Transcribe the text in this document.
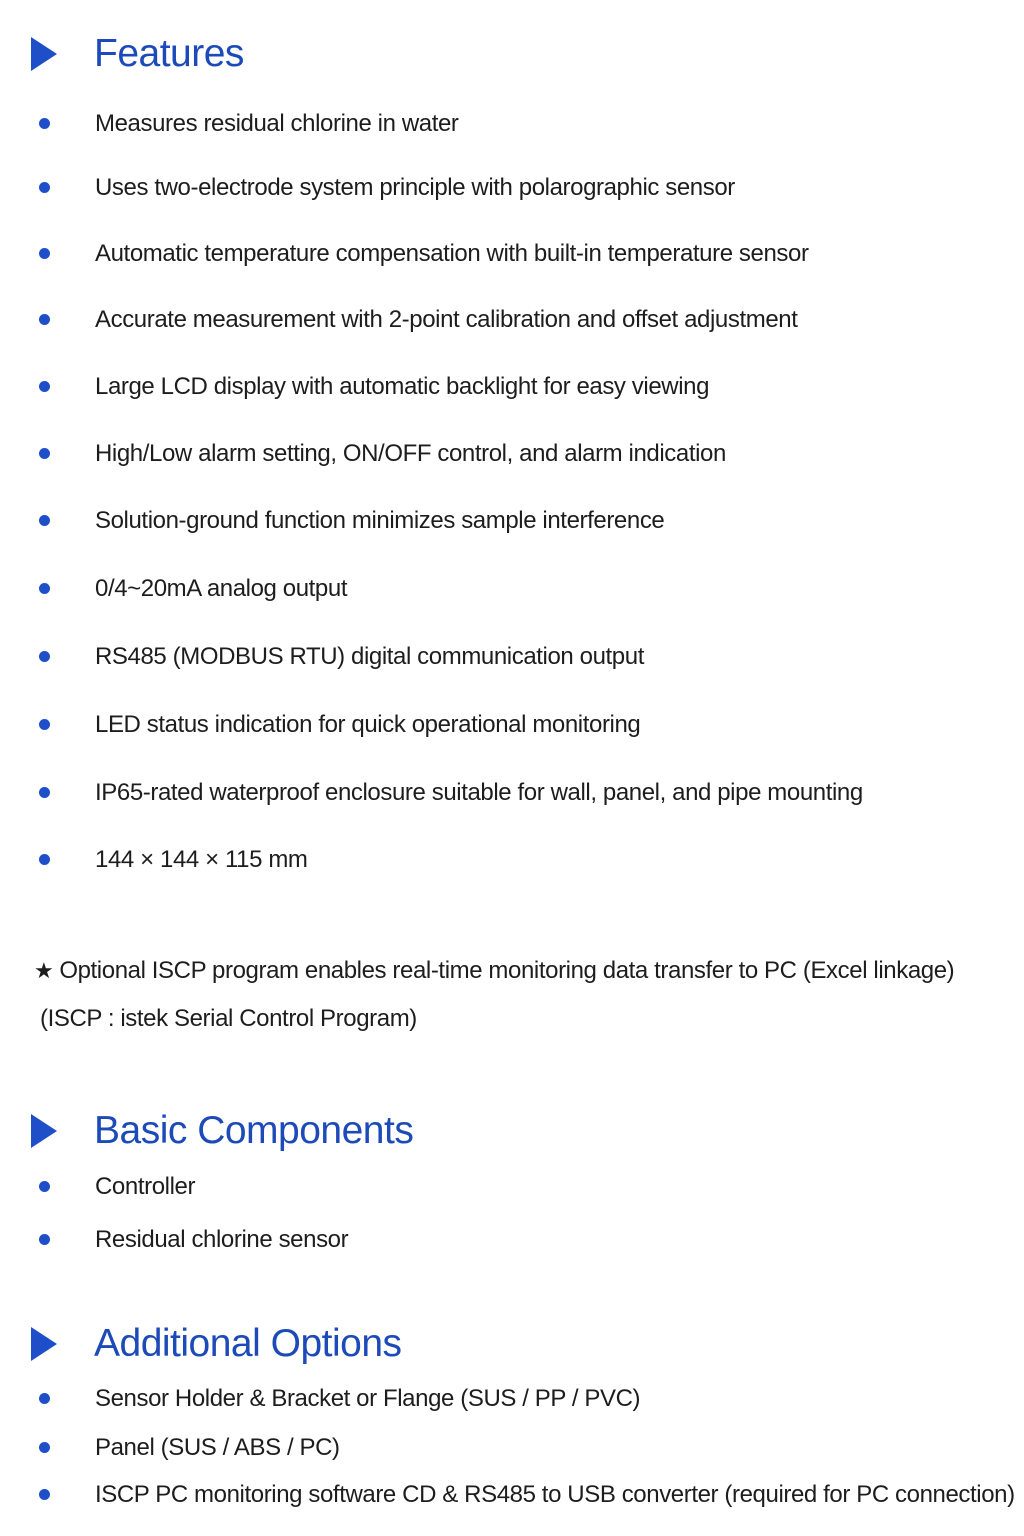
Features
Measures residual chlorine in water
Uses two-electrode system principle with polarographic sensor
Automatic temperature compensation with built-in temperature sensor
Accurate measurement with 2-point calibration and offset adjustment
Large LCD display with automatic backlight for easy viewing
High/Low alarm setting, ON/OFF control, and alarm indication
Solution-ground function minimizes sample interference
0/4~20mA analog output
RS485 (MODBUS RTU) digital communication output
LED status indication for quick operational monitoring
IP65-rated waterproof enclosure suitable for wall, panel, and pipe mounting
144 × 144 × 115 mm
★ Optional ISCP program enables real-time monitoring data transfer to PC (Excel linkage)
(ISCP : istek Serial Control Program)
Basic Components
Controller
Residual chlorine sensor
Additional Options
Sensor Holder & Bracket or Flange (SUS / PP / PVC)
Panel (SUS / ABS / PC)
ISCP PC monitoring software CD & RS485 to USB converter (required for PC connection)
